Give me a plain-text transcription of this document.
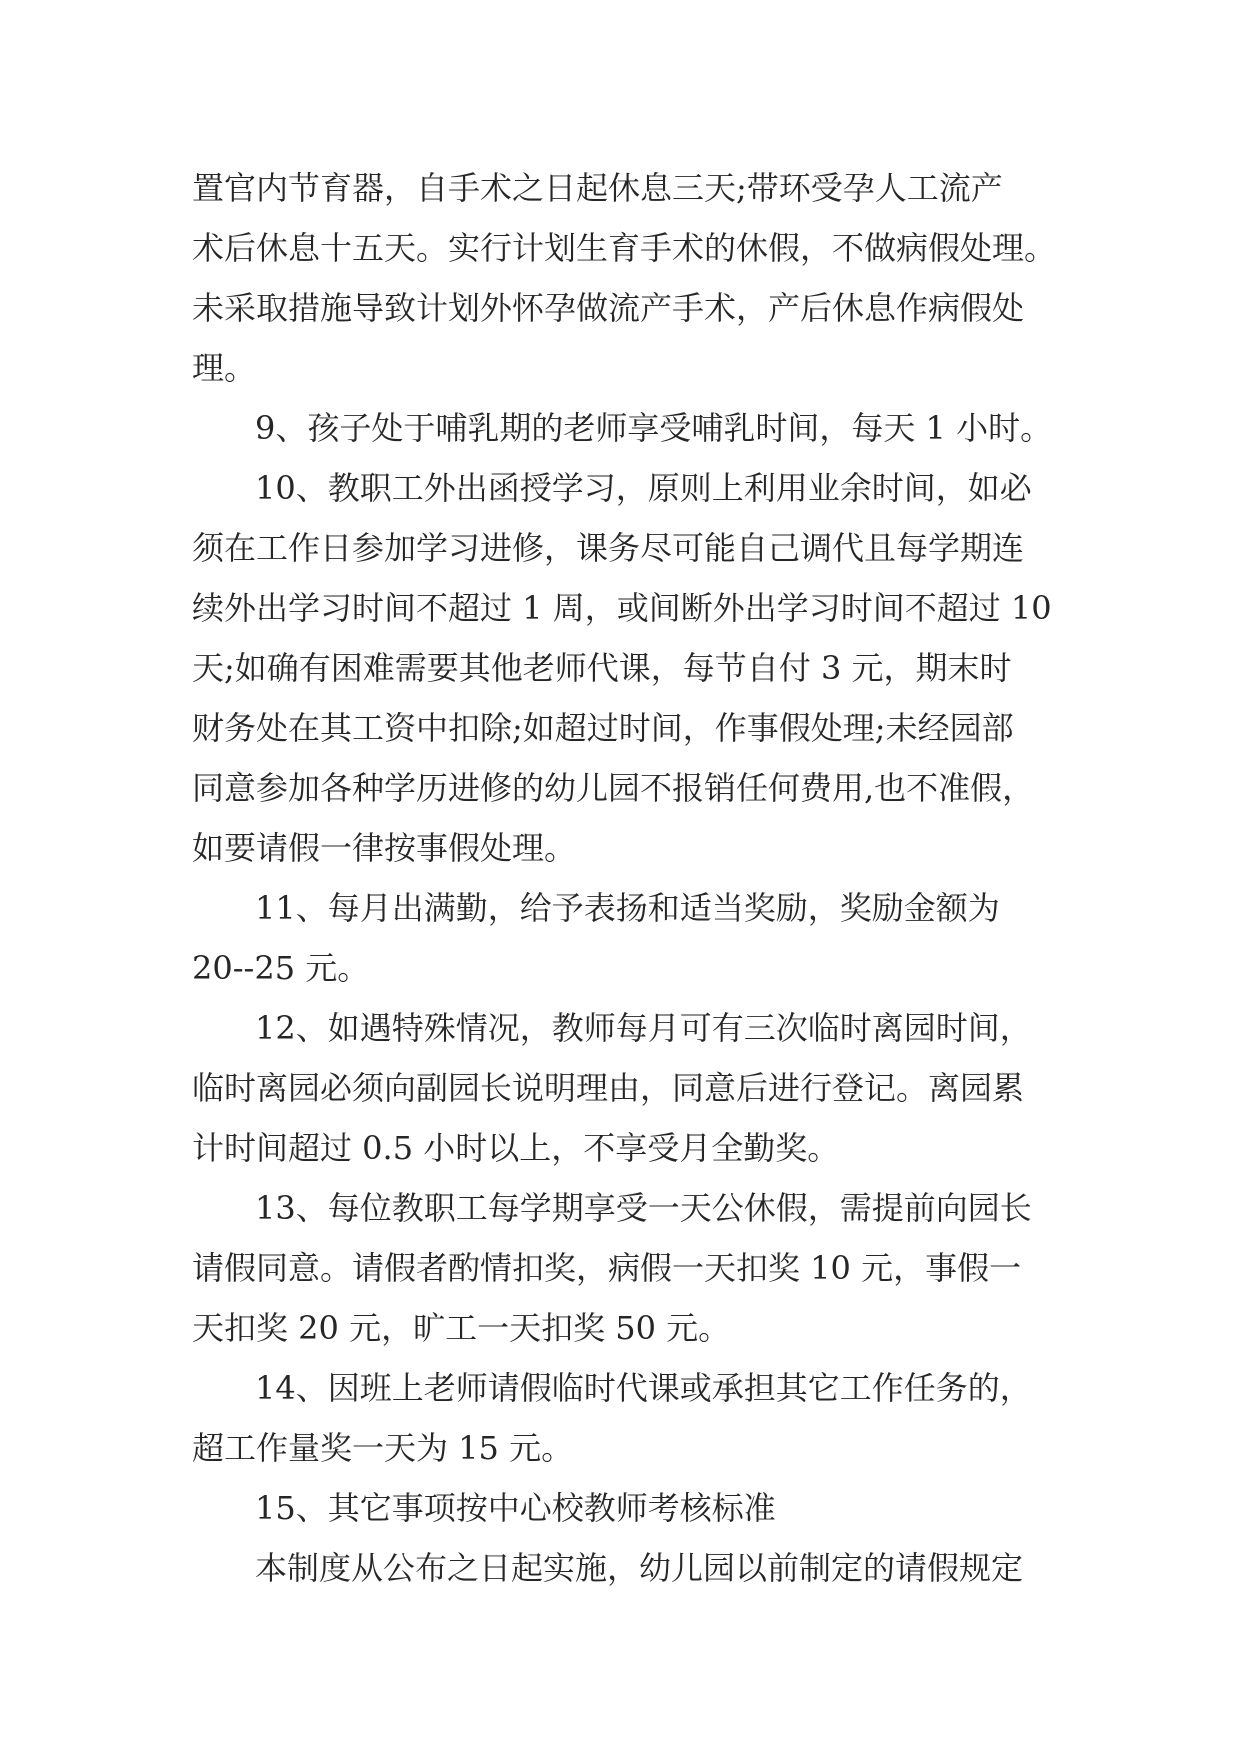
置官内节育器，自手术之日起休息三天;带环受孕人工流产
术后休息十五天。实行计划生育手术的休假，不做病假处理。
未采取措施导致计划外怀孕做流产手术，产后休息作病假处
理。
9、孩子处于哺乳期的老师享受哺乳时间，每天 1 小时。
10、教职工外出函授学习，原则上利用业余时间，如必
须在工作日参加学习进修，课务尽可能自己调代且每学期连
续外出学习时间不超过 1 周，或间断外出学习时间不超过 10
天;如确有困难需要其他老师代课，每节自付 3 元，期末时
财务处在其工资中扣除;如超过时间，作事假处理;未经园部
同意参加各种学历进修的幼儿园不报销任何费用,也不准假，
如要请假一律按事假处理。
11、每月出满勤，给予表扬和适当奖励，奖励金额为
20--25 元。
12、如遇特殊情况，教师每月可有三次临时离园时间，
临时离园必须向副园长说明理由，同意后进行登记。离园累
计时间超过 0.5 小时以上，不享受月全勤奖。
13、每位教职工每学期享受一天公休假，需提前向园长
请假同意。请假者酌情扣奖，病假一天扣奖 10 元，事假一
天扣奖 20 元，旷工一天扣奖 50 元。
14、因班上老师请假临时代课或承担其它工作任务的，
超工作量奖一天为 15 元。
15、其它事项按中心校教师考核标准
本制度从公布之日起实施，幼儿园以前制定的请假规定
